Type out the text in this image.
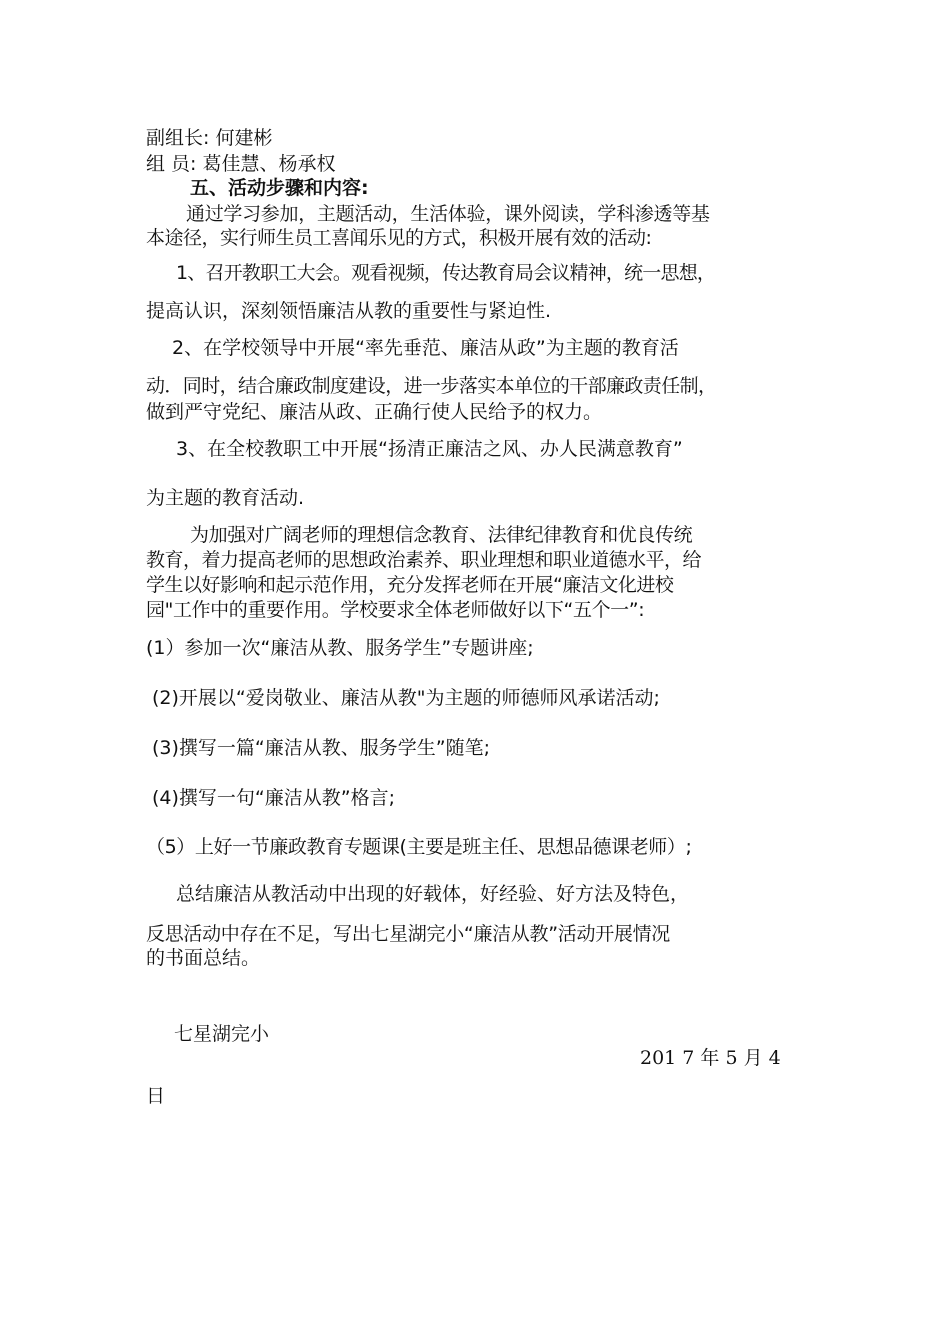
副组长: 何建彬
组 员: 葛佳慧、杨承权
五、活动步骤和内容:
通过学习参加，主题活动，生活体验，课外阅读，学科渗透等基
本途径，实行师生员工喜闻乐见的方式，积极开展有效的活动:
1、召开教职工大会。观看视频，传达教育局会议精神，统一思想，
提高认识，深刻领悟廉洁从教的重要性与紧迫性.
2、在学校领导中开展“率先垂范、廉洁从政”为主题的教育活
动．同时，结合廉政制度建设，进一步落实本单位的干部廉政责任制，
做到严守党纪、廉洁从政、正确行使人民给予的权力。
3、在全校教职工中开展“扬清正廉洁之风、办人民满意教育”
为主题的教育活动.
为加强对广阔老师的理想信念教育、法律纪律教育和优良传统
教育，着力提高老师的思想政治素养、职业理想和职业道德水平，给
学生以好影响和起示范作用，充分发挥老师在开展“廉洁文化进校
园"工作中的重要作用。学校要求全体老师做好以下“五个一”:
(1）参加一次“廉洁从教、服务学生”专题讲座;
(2)开展以“爱岗敬业、廉洁从教"为主题的师德师风承诺活动;
(3)撰写一篇“廉洁从教、服务学生”随笔;
(4)撰写一句“廉洁从教”格言;
（5）上好一节廉政教育专题课(主要是班主任、思想品德课老师）;
总结廉洁从教活动中出现的好载体，好经验、好方法及特色，
反思活动中存在不足，写出七星湖完小“廉洁从教”活动开展情况
的书面总结。
七星湖完小
201 7 年 5 月 4
日
